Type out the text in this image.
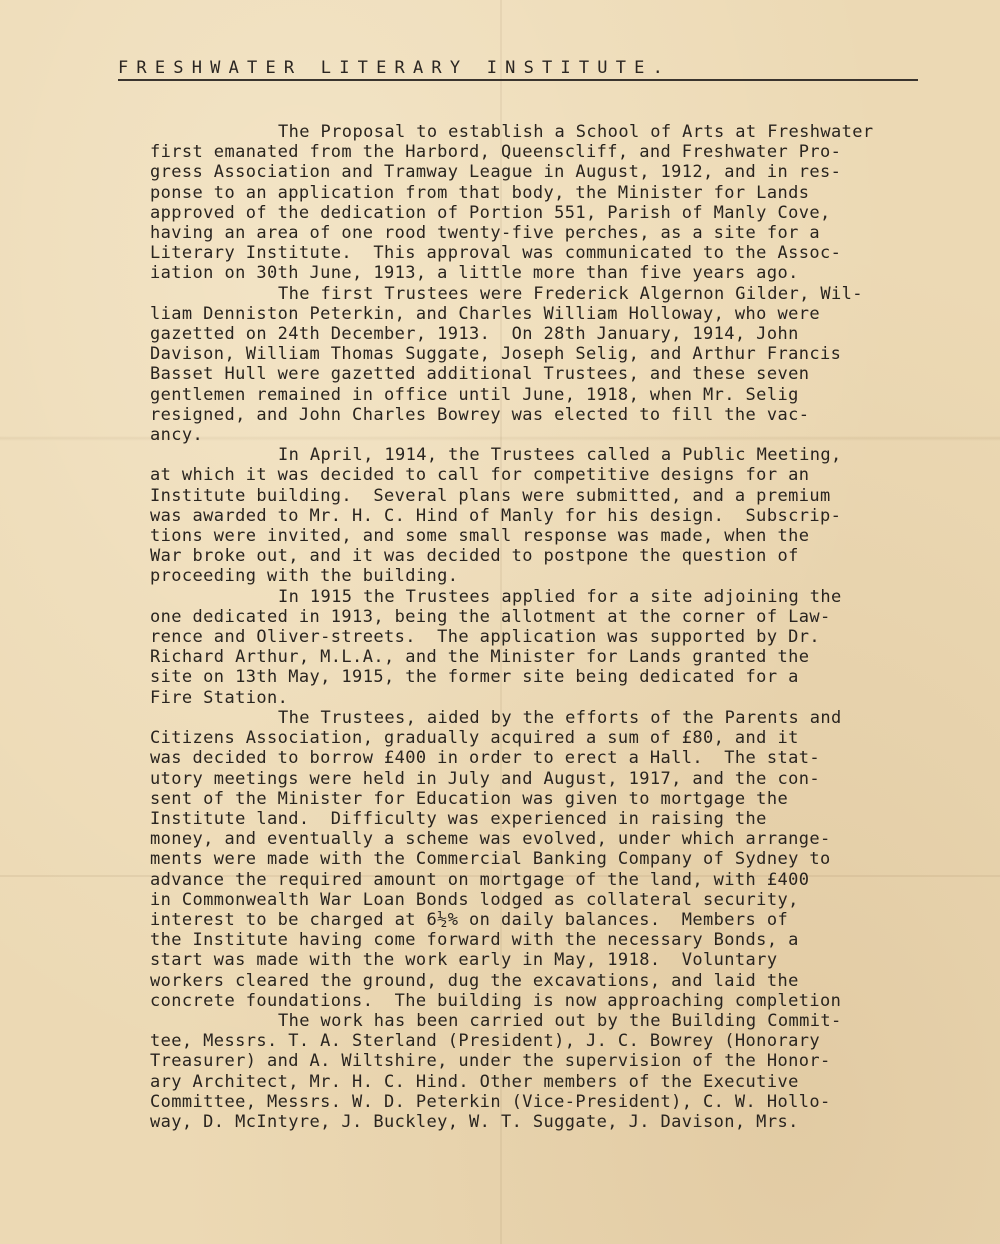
FRESHWATER LITERARY INSTITUTE.
The Proposal to establish a School of Arts at Freshwater
first emanated from the Harbord, Queenscliff, and Freshwater Pro-
gress Association and Tramway League in August, 1912, and in res-
ponse to an application from that body, the Minister for Lands
approved of the dedication of Portion 551, Parish of Manly Cove,
having an area of one rood twenty-five perches, as a site for a
Literary Institute.  This approval was communicated to the Assoc-
iation on 30th June, 1913, a little more than five years ago.
The first Trustees were Frederick Algernon Gilder, Wil-
liam Denniston Peterkin, and Charles William Holloway, who were
gazetted on 24th December, 1913.  On 28th January, 1914, John
Davison, William Thomas Suggate, Joseph Selig, and Arthur Francis
Basset Hull were gazetted additional Trustees, and these seven
gentlemen remained in office until June, 1918, when Mr. Selig
resigned, and John Charles Bowrey was elected to fill the vac-
ancy.
In April, 1914, the Trustees called a Public Meeting,
at which it was decided to call for competitive designs for an
Institute building.  Several plans were submitted, and a premium
was awarded to Mr. H. C. Hind of Manly for his design.  Subscrip-
tions were invited, and some small response was made, when the
War broke out, and it was decided to postpone the question of
proceeding with the building.
In 1915 the Trustees applied for a site adjoining the
one dedicated in 1913, being the allotment at the corner of Law-
rence and Oliver-streets.  The application was supported by Dr.
Richard Arthur, M.L.A., and the Minister for Lands granted the
site on 13th May, 1915, the former site being dedicated for a
Fire Station.
The Trustees, aided by the efforts of the Parents and
Citizens Association, gradually acquired a sum of £80, and it
was decided to borrow £400 in order to erect a Hall.  The stat-
utory meetings were held in July and August, 1917, and the con-
sent of the Minister for Education was given to mortgage the
Institute land.  Difficulty was experienced in raising the
money, and eventually a scheme was evolved, under which arrange-
ments were made with the Commercial Banking Company of Sydney to
advance the required amount on mortgage of the land, with £400
in Commonwealth War Loan Bonds lodged as collateral security,
interest to be charged at 6½% on daily balances.  Members of
the Institute having come forward with the necessary Bonds, a
start was made with the work early in May, 1918.  Voluntary
workers cleared the ground, dug the excavations, and laid the
concrete foundations.  The building is now approaching completion
The work has been carried out by the Building Commit-
tee, Messrs. T. A. Sterland (President), J. C. Bowrey (Honorary
Treasurer) and A. Wiltshire, under the supervision of the Honor-
ary Architect, Mr. H. C. Hind. Other members of the Executive
Committee, Messrs. W. D. Peterkin (Vice-President), C. W. Hollo-
way, D. McIntyre, J. Buckley, W. T. Suggate, J. Davison, Mrs.
